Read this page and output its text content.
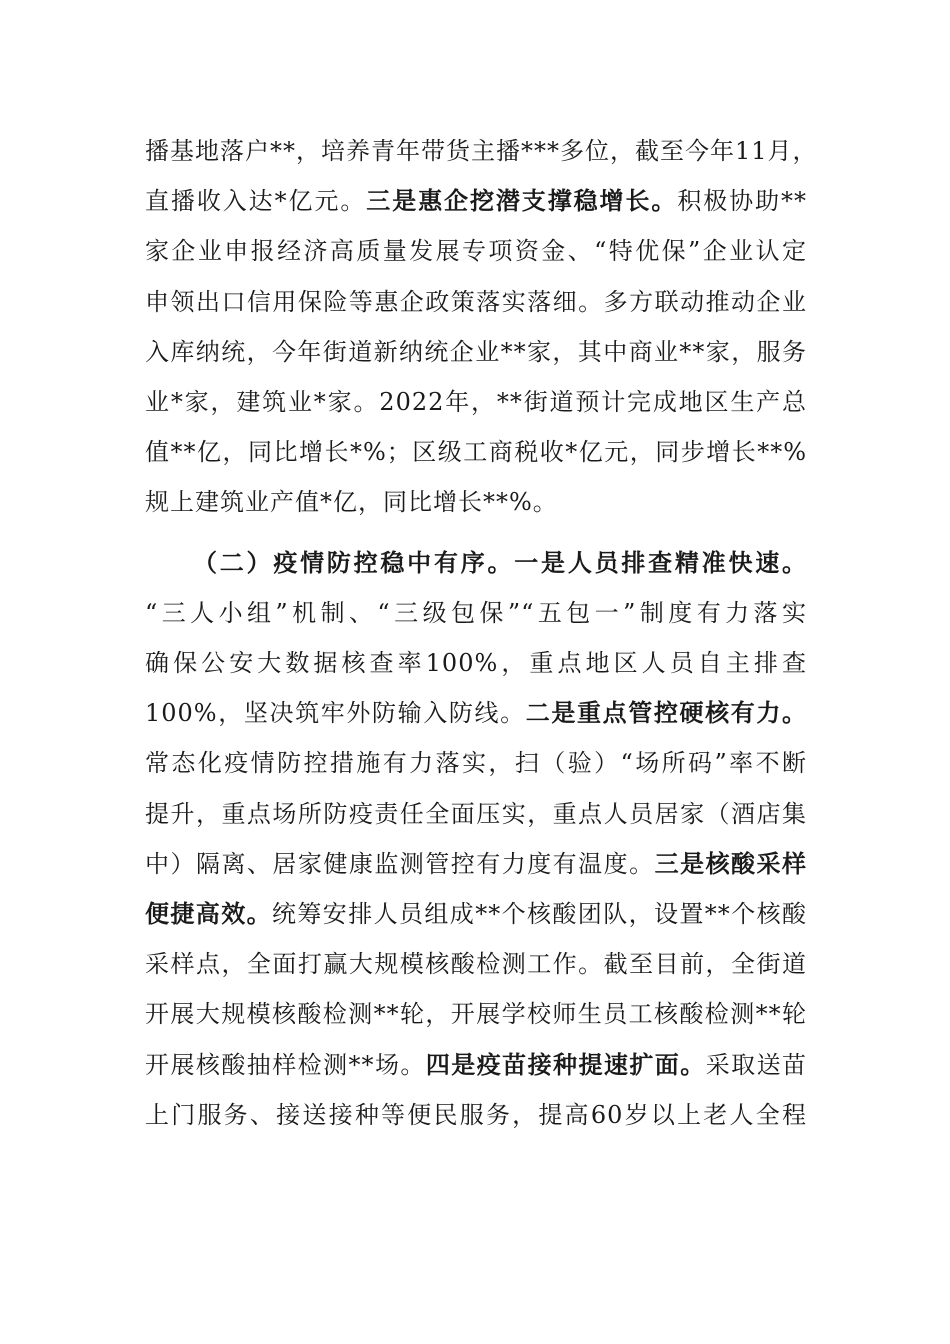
播基地落户**，培养青年带货主播***多位，截至今年11月，
直播收入达*亿元。三是惠企挖潜支撑稳增长。积极协助**
家企业申报经济高质量发展专项资金、“特优保”企业认定
申领出口信用保险等惠企政策落实落细。多方联动推动企业
入库纳统，今年街道新纳统企业**家，其中商业**家，服务
业*家，建筑业*家。2022年，**街道预计完成地区生产总
值**亿，同比增长*%；区级工商税收*亿元，同步增长**%
规上建筑业产值*亿，同比增长**%。
（二）疫情防控稳中有序。一是人员排查精准快速。
“三人小组”机制、“三级包保”“五包一”制度有力落实
确保公安大数据核查率100%，重点地区人员自主排查
100%，坚决筑牢外防输入防线。二是重点管控硬核有力。
常态化疫情防控措施有力落实，扫（验）“场所码”率不断
提升，重点场所防疫责任全面压实，重点人员居家（酒店集
中）隔离、居家健康监测管控有力度有温度。三是核酸采样
便捷高效。统筹安排人员组成**个核酸团队，设置**个核酸
采样点，全面打赢大规模核酸检测工作。截至目前，全街道
开展大规模核酸检测**轮，开展学校师生员工核酸检测**轮
开展核酸抽样检测**场。四是疫苗接种提速扩面。采取送苗
上门服务、接送接种等便民服务，提高60岁以上老人全程
